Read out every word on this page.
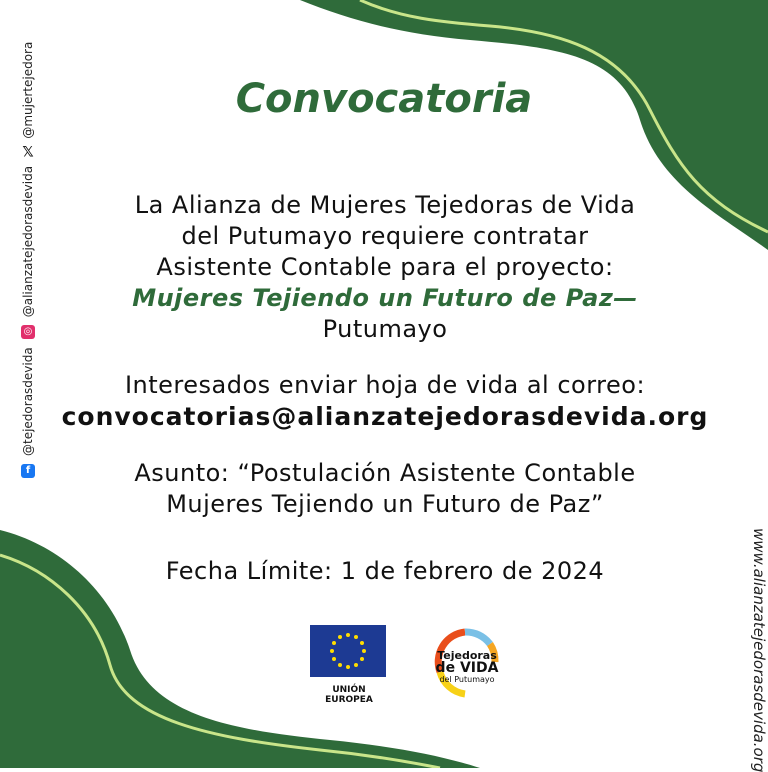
Convocatoria
La Alianza de Mujeres Tejedoras de Vida
del Putumayo requiere contratar
Asistente Contable para el proyecto:
Mujeres Tejiendo un Futuro de Paz—
Putumayo
Interesados enviar hoja de vida al correo:
convocatorias@alianzatejedorasdevida.org
Asunto: “Postulación Asistente Contable
Mujeres Tejiendo un Futuro de Paz”
Fecha Límite: 1 de febrero de 2024
f
@tejedorasdevida
◎
@alianzatejedorasdevida
𝕏
@mujertejedora
www.alianzatejedorasdevida.org
UNIÓN EUROPEA
Tejedoras
de VIDA
del Putumayo
